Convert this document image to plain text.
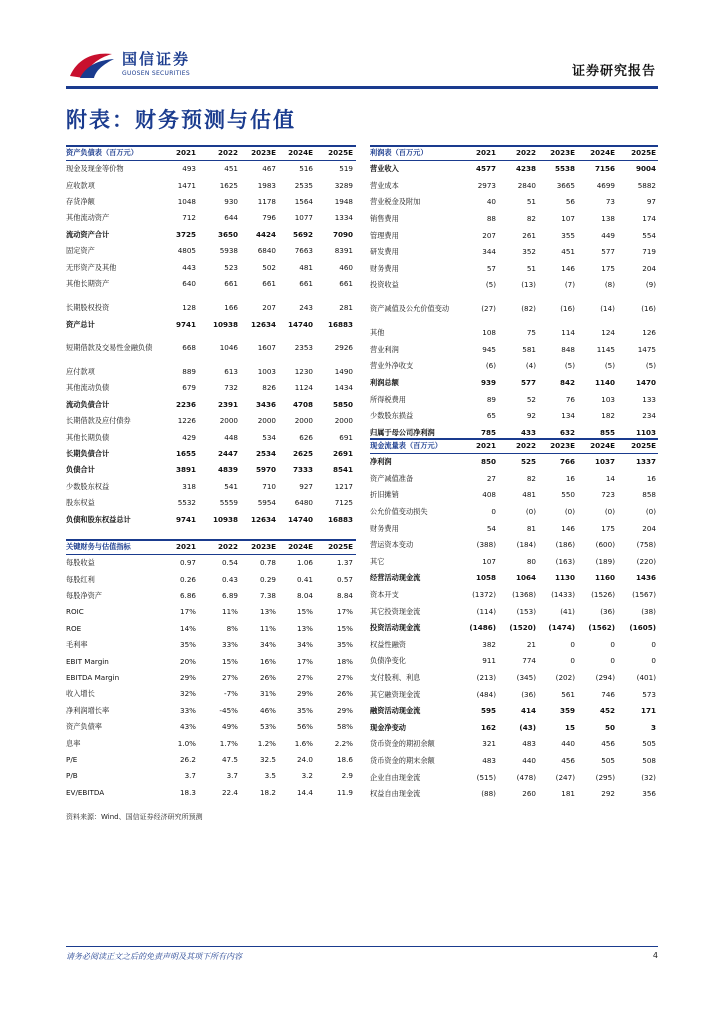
国信证券
GUOSEN SECURITIES	证券研究报告
附表：财务预测与估值
资产负债表（百万元）	2021	2022 2023E 2024E 2025E
现金及现金等价物	493	451	467	516	519
应收款项	1471	1625	1983	2535	3289
存货净额	1048	930	1178	1564	1948
其他流动资产	712	644	796	1077	1334
流动资产合计	3725	3650 4424 5692	7090
固定资产	4805	5938	6840	7663	8391
无形资产及其他	443	523	502	481	460
其他长期资产	640	661	661	661	661
长期股权投资	128	166	207	243	281
资产总计	9741 10938 12634 14740 16883
短期借款及交易性金融负债	668	1046	1607	2353	2926
应付款项	889	613	1003	1230	1490
其他流动负债	679	732	826	1124	1434
流动负债合计	2236	2391 3436 4708	5850
长期借款及应付债券	1226	2000	2000	2000	2000
其他长期负债	429	448	534	626	691
长期负债合计	1655	2447 2534 2625	2691
负债合计	3891	4839 5970 7333	8541
少数股东权益	318	541	710	927	1217
股东权益	5532	5559	5954	6480	7125
负债和股东权益总计	9741 10938 12634 14740 16883
关键财务与估值指标	2021	2022 2023E 2024E 2025E
每股收益	0.97	0.54	0.78	1.06	1.37
每股红利	0.26	0.43	0.29	0.41	0.57
每股净资产	6.86	6.89	7.38	8.04	8.84
ROIC	17%	11%	13%	15%	17%
ROE	14%	8%	11%	13%	15%
毛利率	35%	33%	34%	34%	35%
EBIT Margin	20%	15%	16%	17%	18%
EBITDA Margin	29%	27%	26%	27%	27%
收入增长	32%	-7%	31%	29%	26%
净利润增长率	33%	-45%	46%	35%	29%
资产负债率	43%	49%	53%	56%	58%
息率	1.0%	1.7%	1.2%	1.6%	2.2%
P/E	26.2	47.5	32.5	24.0	18.6
P/B	3.7	3.7	3.5	3.2	2.9
EV/EBITDA	18.3	22.4	18.2	14.4	11.9
利润表（百万元）	2021	2022 2023E 2024E 2025E
营业收入	4577	4238	5538	7156	9004
营业成本	2973	2840	3665	4699	5882
营业税金及附加	40	51	56	73	97
销售费用	88	82	107	138	174
管理费用	207	261	355	449	554
研发费用	344	352	451	577	719
财务费用	57	51	146	175	204
投资收益	(5)	(13)	(7)	(8)	(9)
资产减值及公允价值变动	(27)	(82)	(16)	(14)	(16)
其他	108	75	114	124	126
营业利润	945	581	848	1145	1475
营业外净收支	(6)	(4)	(5)	(5)	(5)
利润总额	939	577	842	1140	1470
所得税费用	89	52	76	103	133
少数股东损益	65	92	134	182	234
归属于母公司净利润	785	433	632	855	1103
现金流量表（百万元）	2021	2022 2023E 2024E 2025E
净利润	850	525	766	1037	1337
资产减值准备	27	82	16	14	16
折旧摊销	408	481	550	723	858
公允价值变动损失	0	(0)	(0)	(0)	(0)
财务费用	54	81	146	175	204
营运资本变动	(388)	(184)	(186)	(600)	(758)
其它	107	80	(163)	(189)	(220)
经营活动现金流	1058	1064	1130	1160	1436
资本开支	(1372) (1368) (1433) (1526) (1567)
其它投资现金流	(114)	(153)	(41)	(36)	(38)
投资活动现金流	(1486) (1520) (1474) (1562) (1605)
权益性融资	382	21	0	0	0
负债净变化	911	774	0	0	0
支付股利、利息	(213)	(345)	(202)	(294)	(401)
其它融资现金流	(484)	(36)	561	746	573
融资活动现金流	595	414	359	452	171
现金净变动	162	(43)	15	50	3
货币资金的期初余额	321	483	440	456	505
货币资金的期末余额	483	440	456	505	508
企业自由现金流	(515)	(478)	(247)	(295)	(32)
权益自由现金流	(88)	260	181	292	356
资料来源：Wind、国信证券经济研究所预测
请务必阅读正文之后的免责声明及其项下所有内容	4
